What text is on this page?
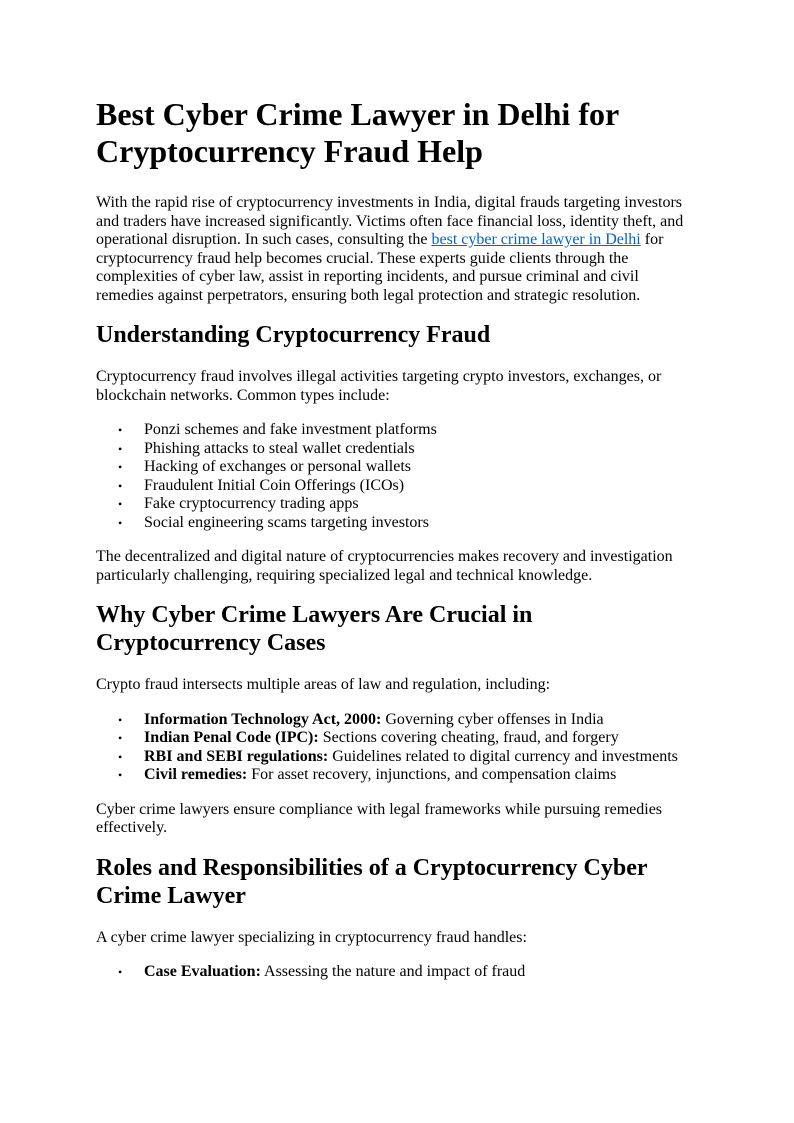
Best Cyber Crime Lawyer in Delhi for Cryptocurrency Fraud Help

With the rapid rise of cryptocurrency investments in India, digital frauds targeting investors and traders have increased significantly. Victims often face financial loss, identity theft, and operational disruption. In such cases, consulting the best cyber crime lawyer in Delhi for cryptocurrency fraud help becomes crucial. These experts guide clients through the complexities of cyber law, assist in reporting incidents, and pursue criminal and civil remedies against perpetrators, ensuring both legal protection and strategic resolution.

Understanding Cryptocurrency Fraud

Cryptocurrency fraud involves illegal activities targeting crypto investors, exchanges, or blockchain networks. Common types include:

• Ponzi schemes and fake investment platforms
• Phishing attacks to steal wallet credentials
• Hacking of exchanges or personal wallets
• Fraudulent Initial Coin Offerings (ICOs)
• Fake cryptocurrency trading apps
• Social engineering scams targeting investors

The decentralized and digital nature of cryptocurrencies makes recovery and investigation particularly challenging, requiring specialized legal and technical knowledge.

Why Cyber Crime Lawyers Are Crucial in Cryptocurrency Cases

Crypto fraud intersects multiple areas of law and regulation, including:

• Information Technology Act, 2000: Governing cyber offenses in India
• Indian Penal Code (IPC): Sections covering cheating, fraud, and forgery
• RBI and SEBI regulations: Guidelines related to digital currency and investments
• Civil remedies: For asset recovery, injunctions, and compensation claims

Cyber crime lawyers ensure compliance with legal frameworks while pursuing remedies effectively.

Roles and Responsibilities of a Cryptocurrency Cyber Crime Lawyer

A cyber crime lawyer specializing in cryptocurrency fraud handles:

• Case Evaluation: Assessing the nature and impact of fraud
